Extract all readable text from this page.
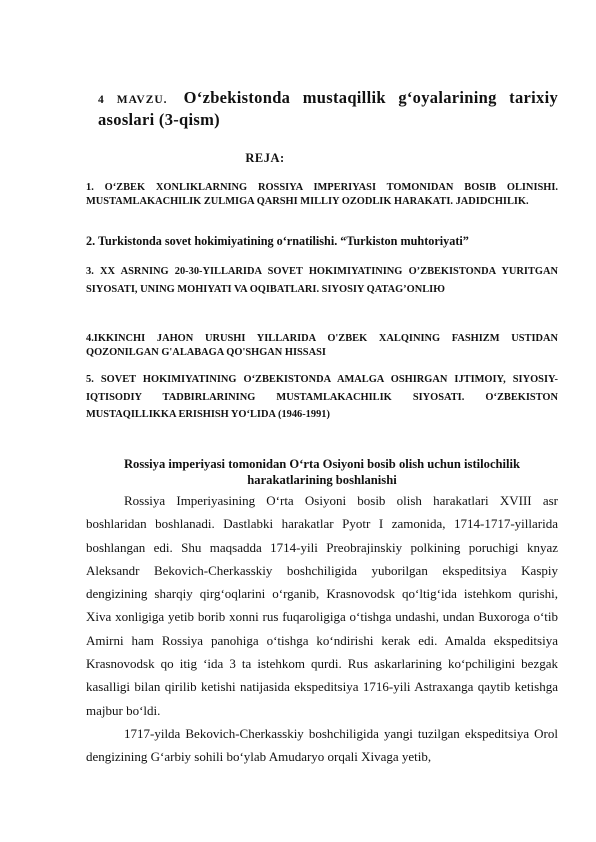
4 MAVZU. O‘zbekistonda mustaqillik g‘oyalarining tarixiy asoslari (3-qism)
REJA:
1. O‘ZBEK XONLIKLARNING ROSSIYA IMPERIYASI TOMONIDAN BOSIB OLINISHI. MUSTAMLAKACHILIK ZULMIGA QARSHI MILLIY OZODLIK HARAKATI. JADIDCHILIK.
2. Turkistonda sovet hokimiyatining o‘rnatilishi. “Turkiston muhtoriyati”
3. XX ASRNING 20-30-YILLARIDA SOVET HOKIMIYATINING O’ZBEKISTONDA YURITGAN SIYOSATI, UNING MOHIYATI VA OQIBATLARI. SIYOSIY QATAG’ONLIЮ
4.IKKINCHI JAHON URUSHI YILLARIDA O'ZBEK XALQINING FASHIZM USTIDAN QOZONILGAN G'ALABAGA QO'SHGAN HISSASI
5. SOVET HOKIMIYATINING O‘ZBEKISTONDA AMALGA OSHIRGAN IJTIMOIY, SIYOSIY-IQTISODIY TADBIRLARINING MUSTAMLAKACHILIK SIYOSATI. O‘ZBEKISTON MUSTAQILLIKKA ERISHISH YO‘LIDA (1946-1991)
Rossiya imperiyasi tomonidan O‘rta Osiyoni bosib olish uchun istilochilik harakatlarining boshlanishi

Rossiya Imperiyasining O‘rta Osiyoni bosib olish harakatlari XVIII asr boshlaridan boshlanadi. Dastlabki harakatlar Pyotr I zamonida, 1714-1717-yillarida boshlangan edi. Shu maqsadda 1714-yili Preobrajinskiy polkining poruchigi knyaz Aleksandr Bekovich-Cherkasskiy boshchiligida yuborilgan ekspeditsiya Kaspiy dengizining sharqiy qirg‘oqlarini o‘rganib, Krasnovodsk qo‘ltig‘ida istehkom qurishi, Xiva xonligiga yetib borib xonni rus fuqaroligiga o‘tishga undashi, undan Buxoroga o‘tib Amirni ham Rossiya panohiga o‘tishga ko‘ndirishi kerak edi. Amalda ekspeditsiya Krasnovodsk qo itig ‘ida 3 ta istehkom qurdi. Rus askarlarining ko‘pchiligini bezgak kasalligi bilan qirilib ketishi natijasida ekspeditsiya 1716-yili Astraxanga qaytib ketishga majbur bo‘ldi.

1717-yilda Bekovich-Cherkasskiy boshchiligida yangi tuzilgan ekspeditsiya Orol dengizining G‘arbiy sohili bo‘ylab Amudaryo orqali Xivaga yetib,
